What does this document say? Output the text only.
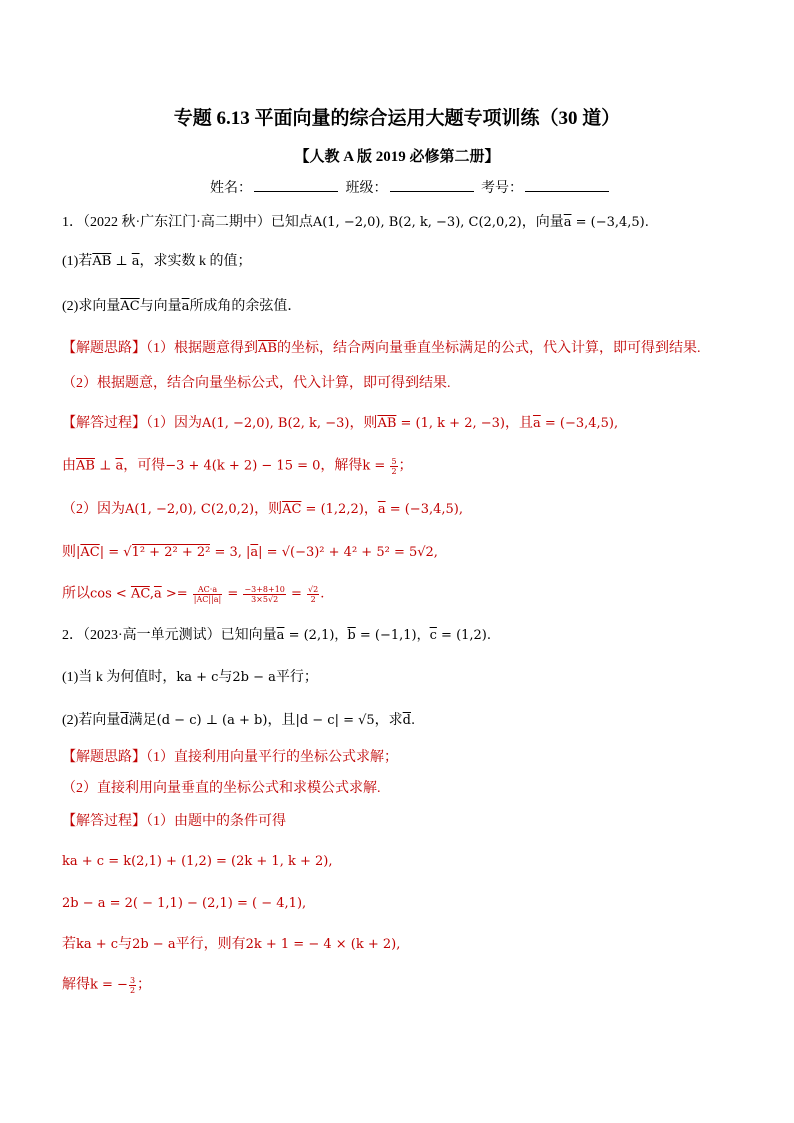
专题 6.13 平面向量的综合运用大题专项训练（30 道）
【人教 A 版 2019 必修第二册】
姓名：	班级：	考号：
1．（2022 秋·广东江门·高二期中）已知点A(1, −2,0), B(2, k, −3), C(2,0,2)，向量$\overline{a} = (-3,4,5)$.
(1)若$\overline{AB}$ ⊥ $\overline{a}$，求实数 k 的值；
(2)求向量$\overline{AC}$与向量$\overline{a}$所成角的余弦值．
【解题思路】（1）根据题意得到$\overline{AB}$的坐标，结合两向量垂直坐标满足的公式，代入计算，即可得到结果.
（2）根据题意，结合向量坐标公式，代入计算，即可得到结果.
【解答过程】（1）因为A(1, −2,0), B(2, k, −3)，则$\overline{AB} = (1$, k + 2, −3)，且$\overline{a} = (-3,4,5)$,
由$\overline{AB}$ ⊥ $\overline{a}$，可得−3 + 4(k + 2) − 15 = 0，解得$k = \frac{5}{2}$ ；
（2）因为A(1, −2,0), C(2,0,2)，则$\overline{AC} = (1,2,2)$，$\overline{a} = (-3,4,5)$,
则$|\overline{AC}| = √1^2 + 2^2 + 2^2 = 3$, $|\overline{a}| = √(-3)^2 + 4^2 + 5^2 = 5√2$,
所以$\cos < \overline{AC},\overline{a} >= \frac{AC\cdot a}{|AC||a|} = \frac{-3+8+10}{3\times 5√2} = \frac{√2}{2}$ .
2．（2023·高一单元测试）已知向量$\overline{a} = (2,1)$，$\overline{b} = (-1,1)$，$\overline{c} = (1,2)$.
(1)当 k 为何值时，ka + c与2b − a平行；
(2)若向量$\overline{d}$满足(d − c) ⊥ (a + b)，且|d − c| = √5，求$\overline{d}$.
【解题思路】（1）直接利用向量平行的坐标公式求解；
（2）直接利用向量垂直的坐标公式和求模公式求解.
【解答过程】（1）由题中的条件可得
ka + c = k(2,1) + (1,2) = (2k + 1, k + 2),
2b − a = 2( − 1,1) − (2,1) = ( − 4,1),
若ka + c与2b − a平行，则有2k + 1 = − 4 × (k + 2),
解得k = − $\frac{3}{2}$ ；
